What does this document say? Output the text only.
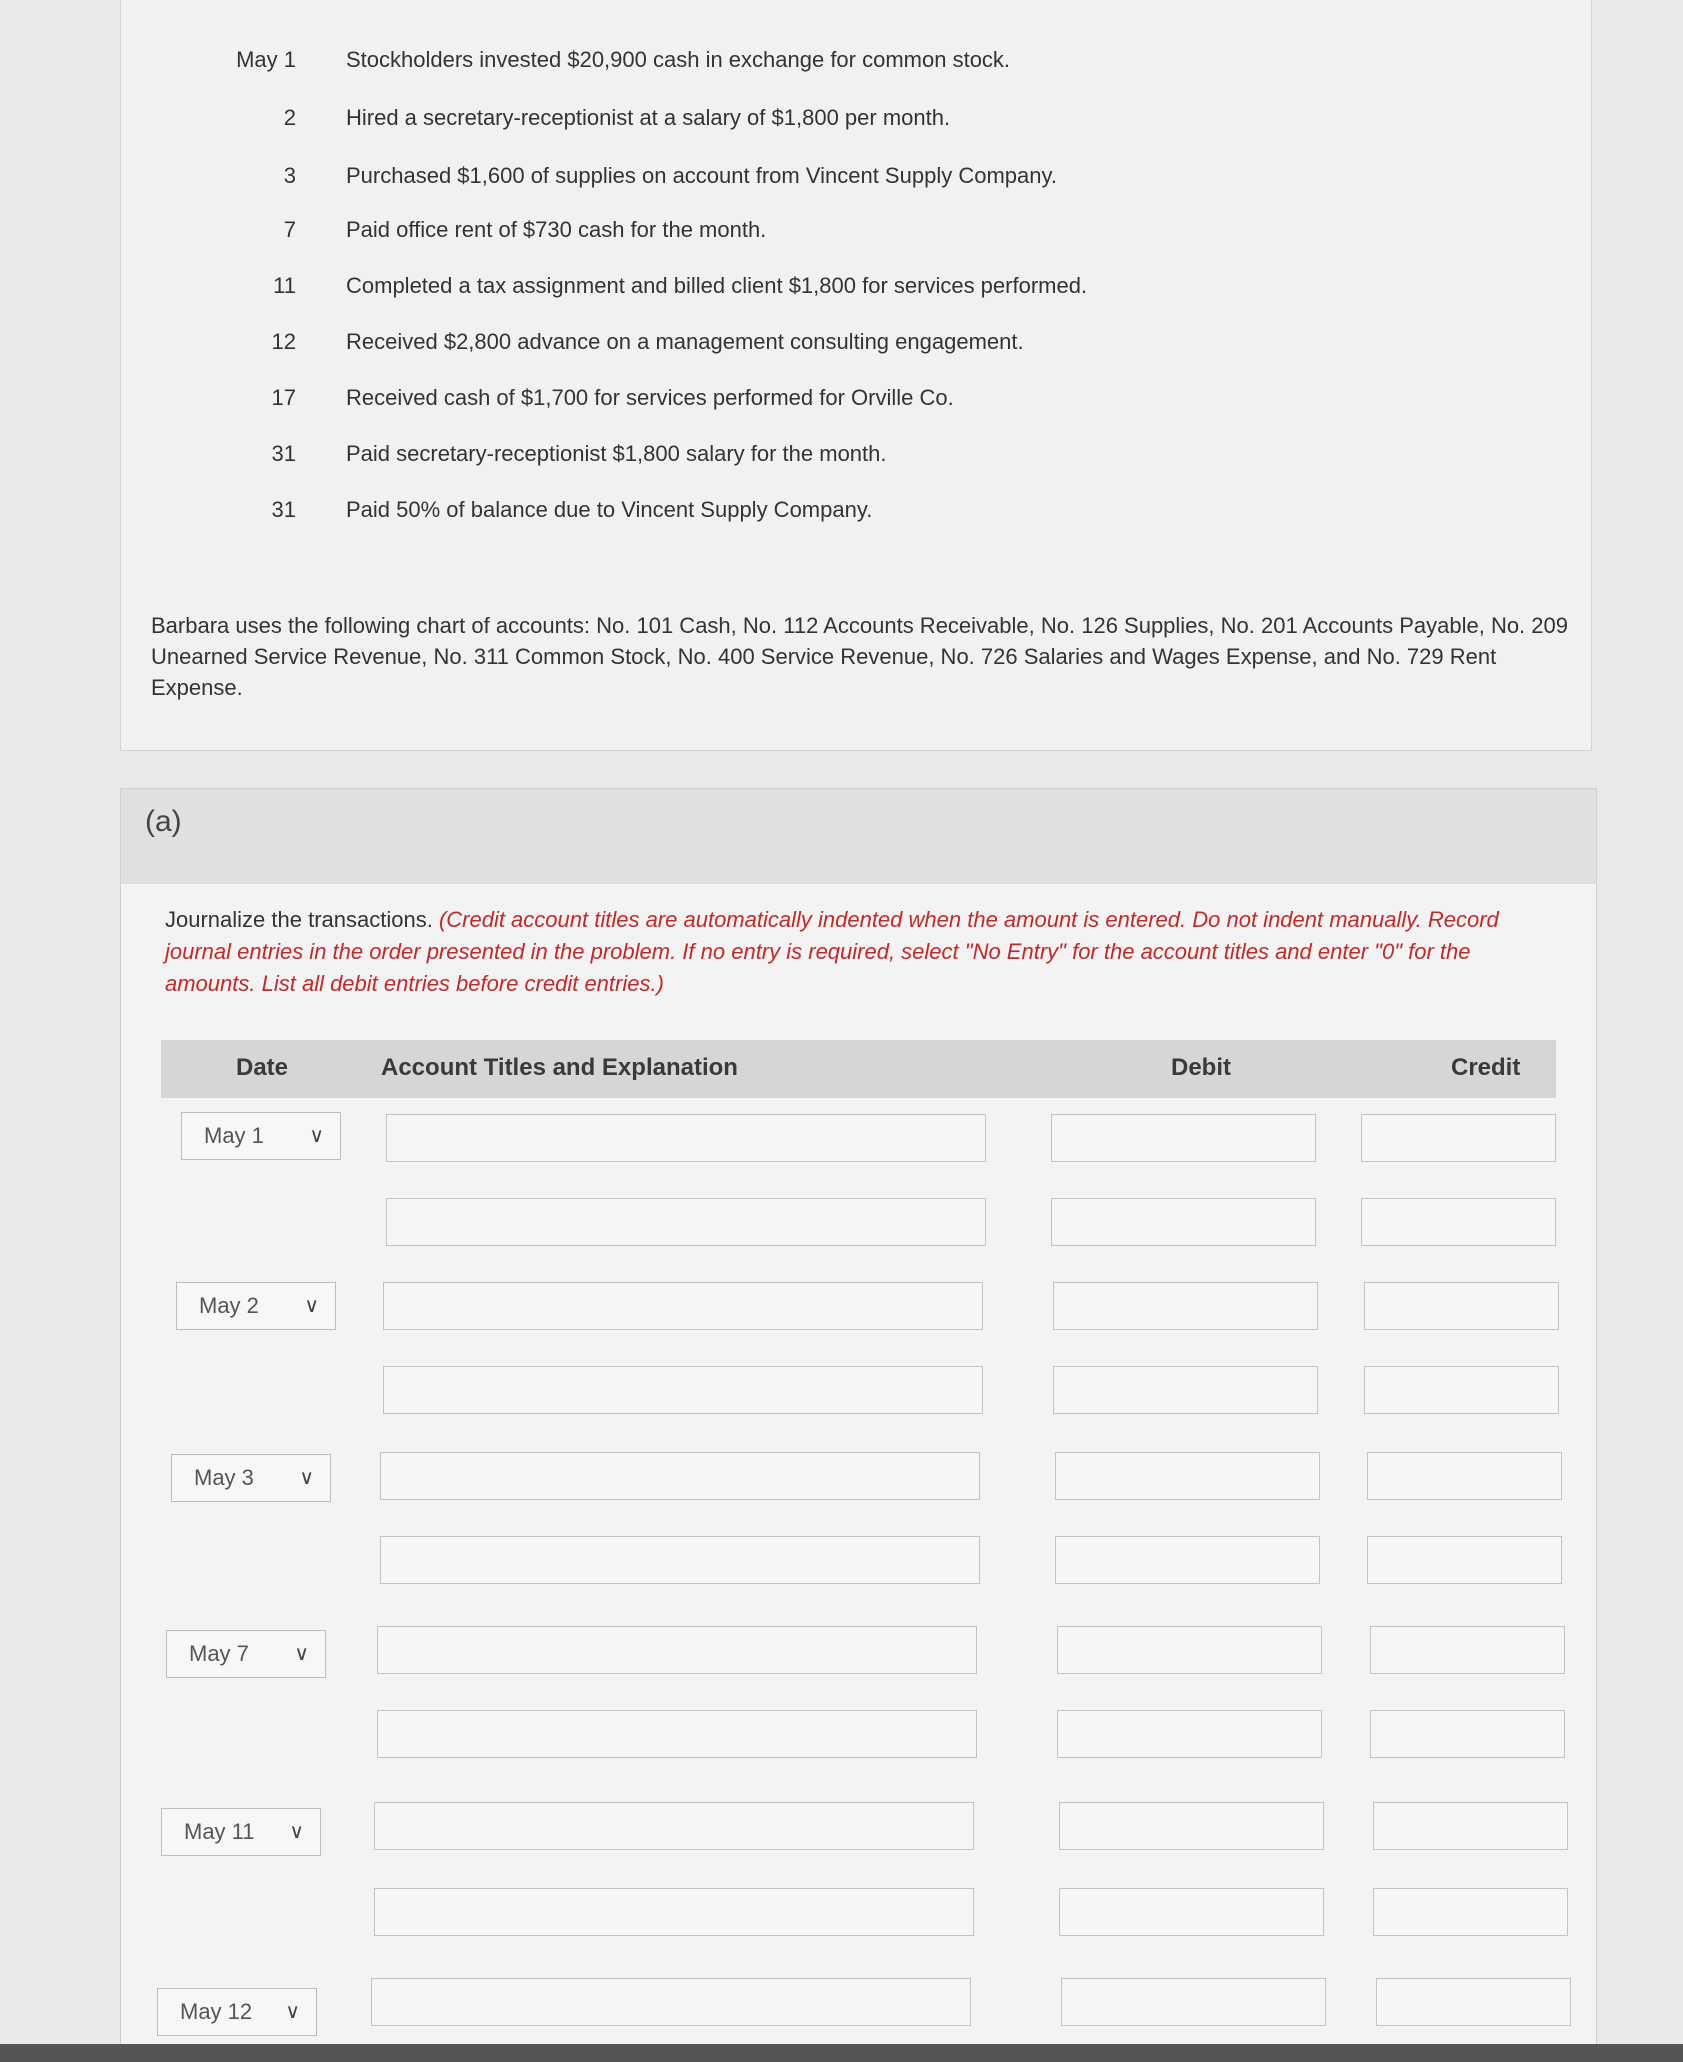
May 1 Stockholders invested $20,900 cash in exchange for common stock.
2 Hired a secretary-receptionist at a salary of $1,800 per month.
3 Purchased $1,600 of supplies on account from Vincent Supply Company.
7 Paid office rent of $730 cash for the month.
11 Completed a tax assignment and billed client $1,800 for services performed.
12 Received $2,800 advance on a management consulting engagement.
17 Received cash of $1,700 for services performed for Orville Co.
31 Paid secretary-receptionist $1,800 salary for the month.
31 Paid 50% of balance due to Vincent Supply Company.
Barbara uses the following chart of accounts: No. 101 Cash, No. 112 Accounts Receivable, No. 126 Supplies, No. 201 Accounts Payable, No. 209 Unearned Service Revenue, No. 311 Common Stock, No. 400 Service Revenue, No. 726 Salaries and Wages Expense, and No. 729 Rent Expense.
(a)
Journalize the transactions. (Credit account titles are automatically indented when the amount is entered. Do not indent manually. Record journal entries in the order presented in the problem. If no entry is required, select "No Entry" for the account titles and enter "0" for the amounts. List all debit entries before credit entries.)
Date	Account Titles and Explanation	Debit	Credit
May 1 ∨
May 2 ∨
May 3 ∨
May 7 ∨
May 11 ∨
May 12 ∨
